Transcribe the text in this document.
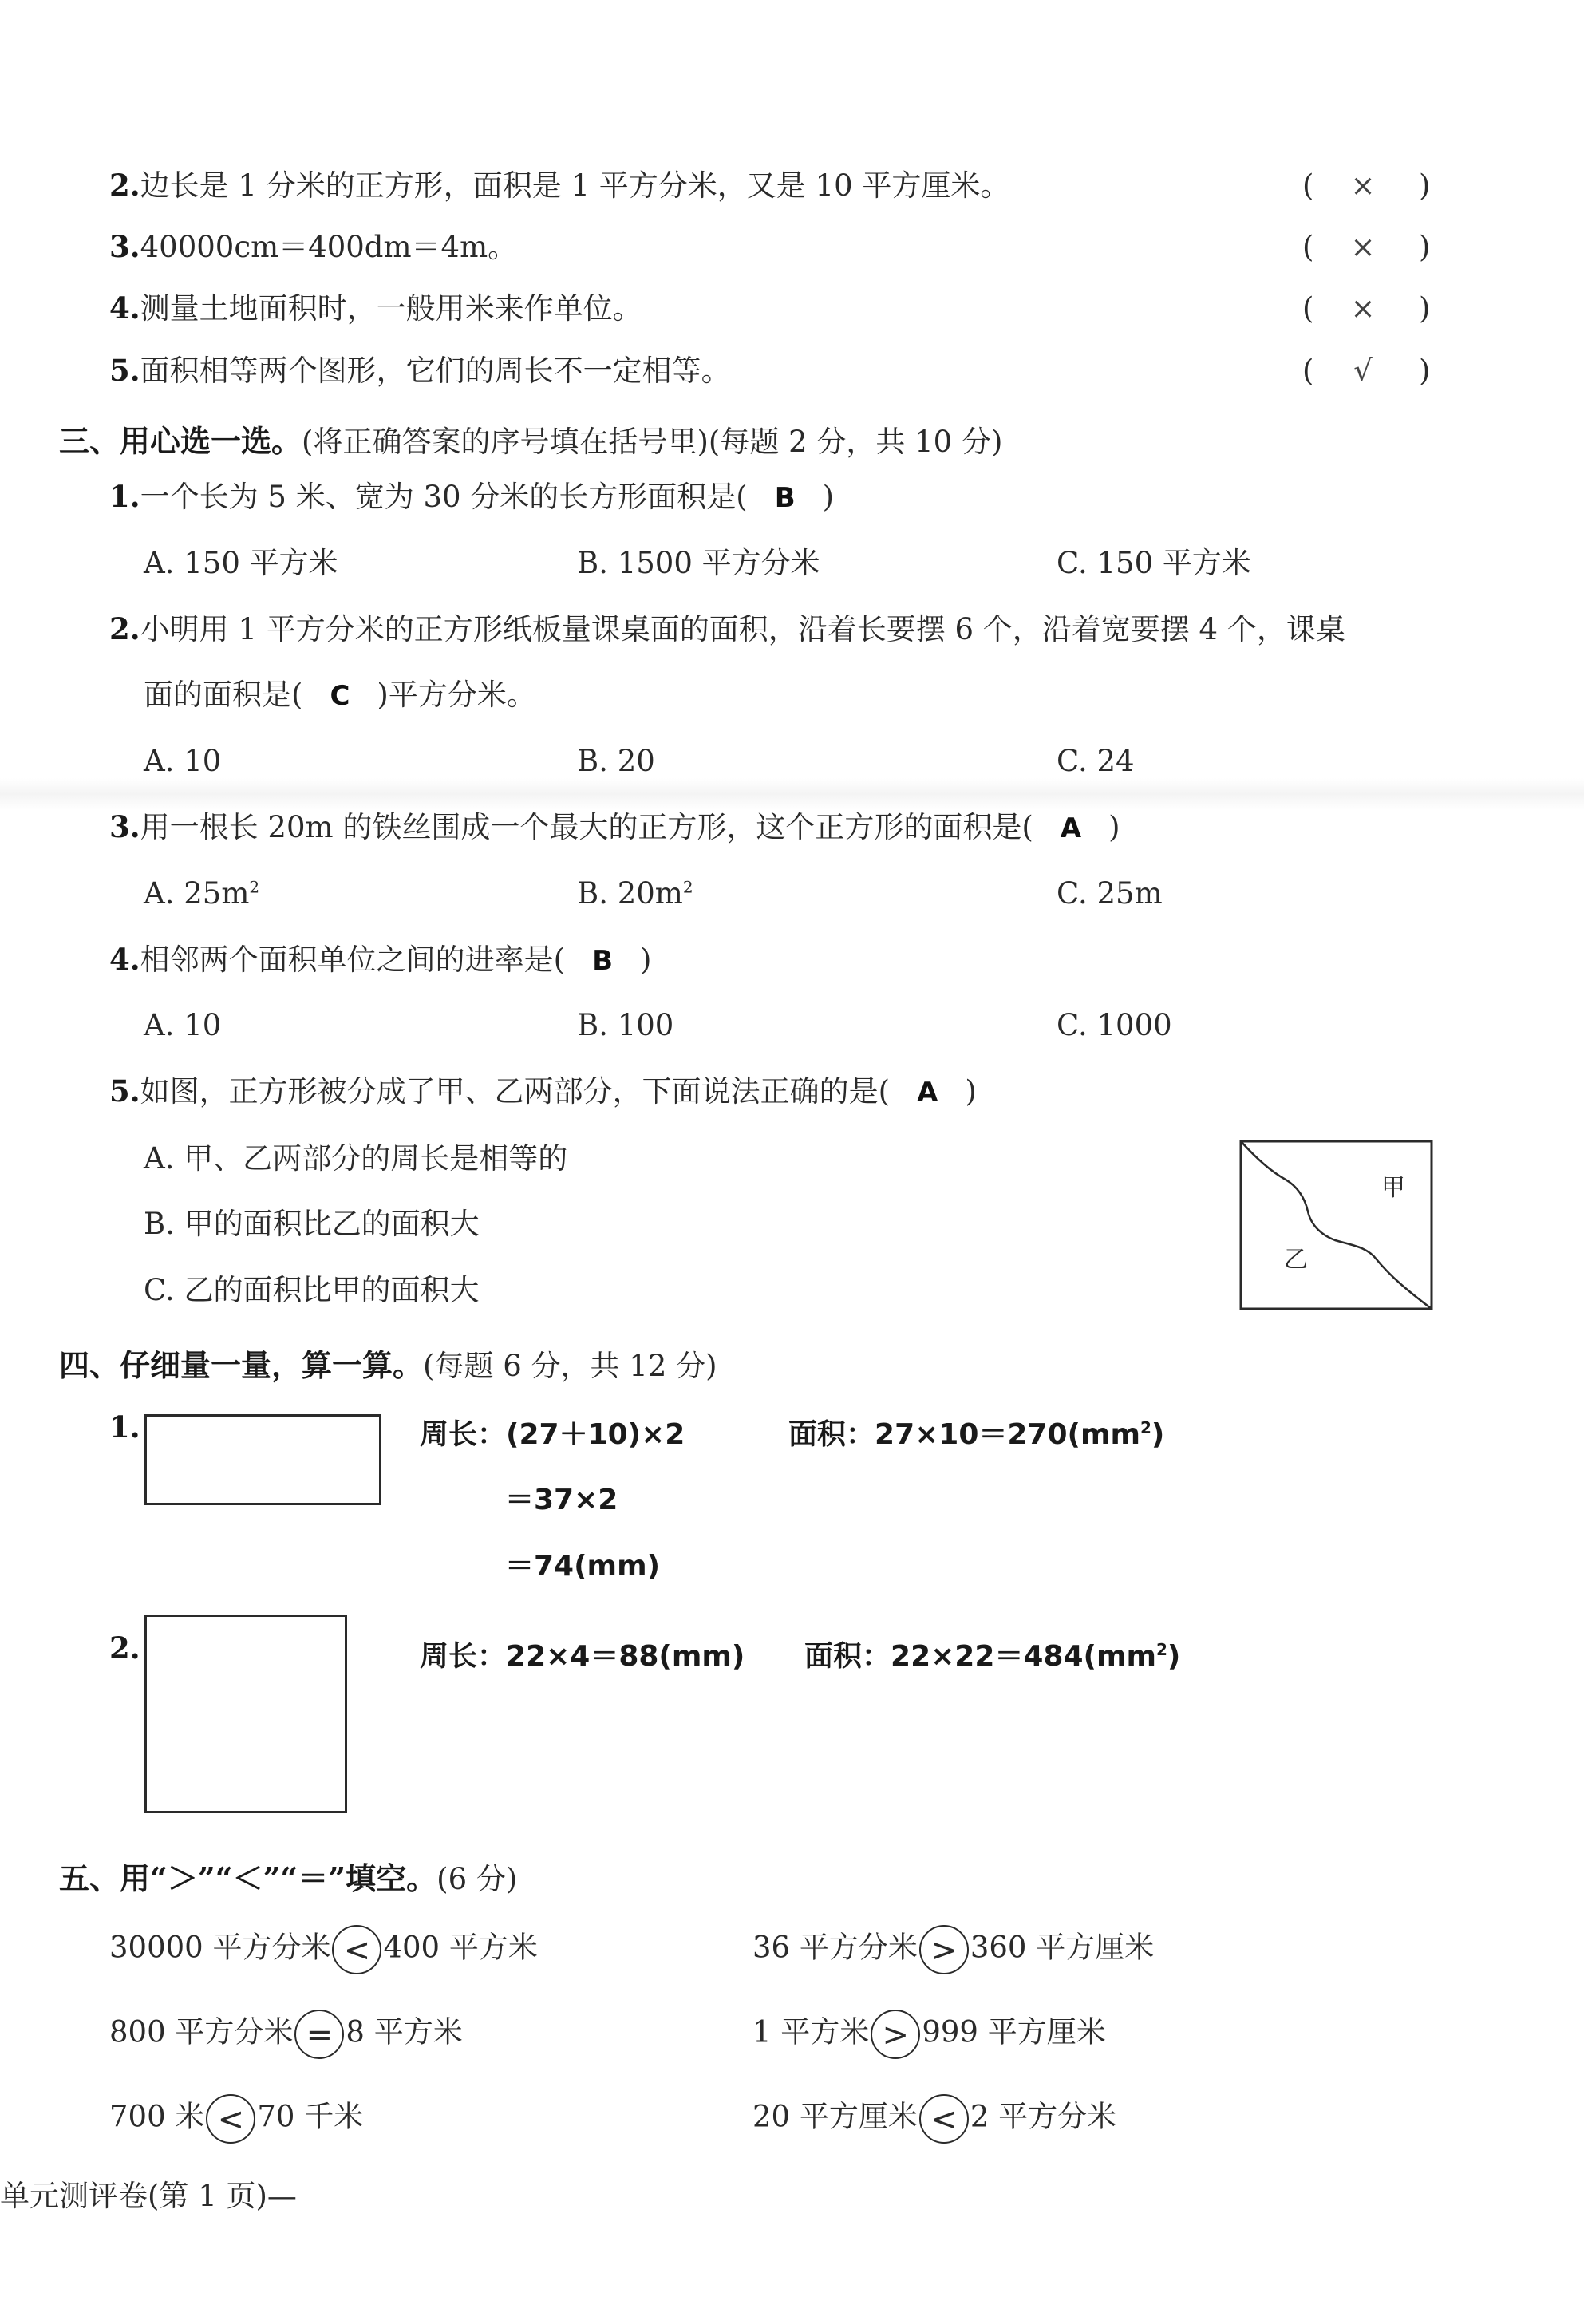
2.边长是 1 分米的正方形，面积是 1 平方分米，又是 10 平方厘米。	( × )
3.40000cm＝400dm＝4m。	( × )
4.测量土地面积时，一般用米来作单位。	( × )
5.面积相等两个图形，它们的周长不一定相等。	( √ )
三、用心选一选。(将正确答案的序号填在括号里)(每题 2 分，共 10 分)
1.一个长为 5 米、宽为 30 分米的长方形面积是( B )
A. 150 平方米	B. 1500 平方分米	C. 150 平方米
2.小明用 1 平方分米的正方形纸板量课桌面的面积，沿着长要摆 6 个，沿着宽要摆 4 个，课桌
面的面积是( C )平方分米。
A. 10	B. 20	C. 24
3.用一根长 20m 的铁丝围成一个最大的正方形，这个正方形的面积是( A )
A. $25m^2$	B. $20m^2$	C. 25m
4.相邻两个面积单位之间的进率是( B )
A. 10	B. 100	C. 1000
5.如图，正方形被分成了甲、乙两部分，下面说法正确的是( A )
A. 甲、乙两部分的周长是相等的
B. 甲的面积比乙的面积大
C. 乙的面积比甲的面积大
甲
乙
四、仔细量一量，算一算。(每题 6 分，共 12 分)
1.	周长：(27＋10)×2
＝37×2
＝74(mm)
面积：$27\times 10=270(mm^2)$
2.	周长：22×4＝88(mm) 面积：$22\times 22=484(mm^2)$
五、用“＞”“＜”“＝”填空。(6 分)
30000 平方分米 < 400 平方米	36 平方分米 > 360 平方厘米
800 平方分米 = 8 平方米	1 平方米 > 999 平方厘米
700 米 < 70 千米	20 平方厘米 < 2 平方分米
单元测评卷(第 1 页)—
